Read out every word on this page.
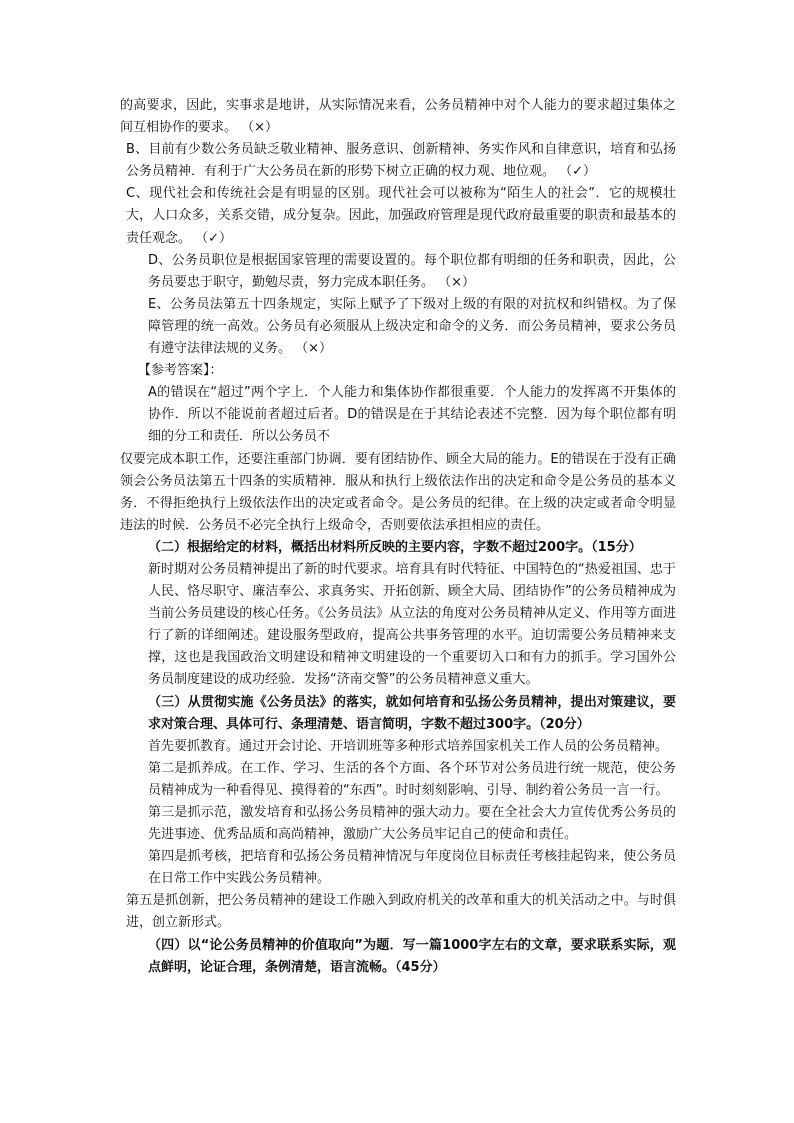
的高要求，因此，实事求是地讲，从实际情况来看，公务员精神中对个人能力的要求超过集体之间互相协作的要求。 （×）

B、目前有少数公务员缺乏敬业精神、服务意识、创新精神、务实作风和自律意识，培育和弘扬公务员精神．有利于广大公务员在新的形势下树立正确的权力观、地位观。 （✓）

C、现代社会和传统社会是有明显的区别。现代社会可以被称为“陌生人的社会”．它的规模壮大，人口众多，关系交错，成分复杂。因此，加强政府管理是现代政府最重要的职责和最基本的责任观念。 （✓）

D、公务员职位是根据国家管理的需要设置的。每个职位都有明细的任务和职责，因此，公务员要忠于职守，勤勉尽责，努力完成本职任务。 （×）

E、公务员法第五十四条规定，实际上赋予了下级对上级的有限的对抗权和纠错权。为了保障管理的统一高效。公务员有必须服从上级决定和命令的义务．而公务员精神，要求公务员有遵守法律法规的义务。 （×）

【参考答案】：

A的错误在“超过”两个字上．个人能力和集体协作都很重要．个人能力的发挥离不开集体的协作．所以不能说前者超过后者。D的错误是在于其结论表述不完整．因为每个职位都有明细的分工和责任．所以公务员不

仅要完成本职工作，还要注重部门协调．要有团结协作、顾全大局的能力。E的错误在于没有正确领会公务员法第五十四条的实质精神．服从和执行上级依法作出的决定和命令是公务员的基本义务．不得拒绝执行上级依法作出的决定或者命令。是公务员的纪律。在上级的决定或者命令明显违法的时候．公务员不必完全执行上级命令，否则要依法承担相应的责任。

（二）根据给定的材料，概括出材料所反映的主要内容，字数不超过200字。（15分）

新时期对公务员精神提出了新的时代要求。培育具有时代特征、中国特色的“热爱祖国、忠于人民、恪尽职守、廉洁奉公、求真务实、开拓创新、顾全大局、团结协作”的公务员精神成为当前公务员建设的核心任务。《公务员法》从立法的角度对公务员精神从定义、作用等方面进行了新的详细阐述。建设服务型政府，提高公共事务管理的水平。迫切需要公务员精神来支撑，这也是我国政治文明建设和精神文明建设的一个重要切入口和有力的抓手。学习国外公务员制度建设的成功经验．发扬“济南交警”的公务员精神意义重大。

（三）从贯彻实施《公务员法》的落实，就如何培育和弘扬公务员精神，提出对策建议，要求对策合理、具体可行、条理清楚、语言简明，字数不超过300字。（20分）

首先要抓教育。通过开会讨论、开培训班等多种形式培养国家机关工作人员的公务员精神。

第二是抓养成。在工作、学习、生活的各个方面、各个环节对公务员进行统一规范，使公务员精神成为一种看得见、摸得着的“东西”。时时刻刻影响、引导、制约着公务员一言一行。

第三是抓示范，激发培育和弘扬公务员精神的强大动力。要在全社会大力宣传优秀公务员的先进事迹、优秀品质和高尚精神，激励广大公务员牢记自己的使命和责任。

第四是抓考核，把培育和弘扬公务员精神情况与年度岗位目标责任考核挂起钩来，使公务员在日常工作中实践公务员精神。

第五是抓创新，把公务员精神的建设工作融入到政府机关的改革和重大的机关活动之中。与时俱进，创立新形式。

（四）以“论公务员精神的价值取向”为题．写一篇1000字左右的文章，要求联系实际，观点鲜明，论证合理，条例清楚，语言流畅。（45分）
